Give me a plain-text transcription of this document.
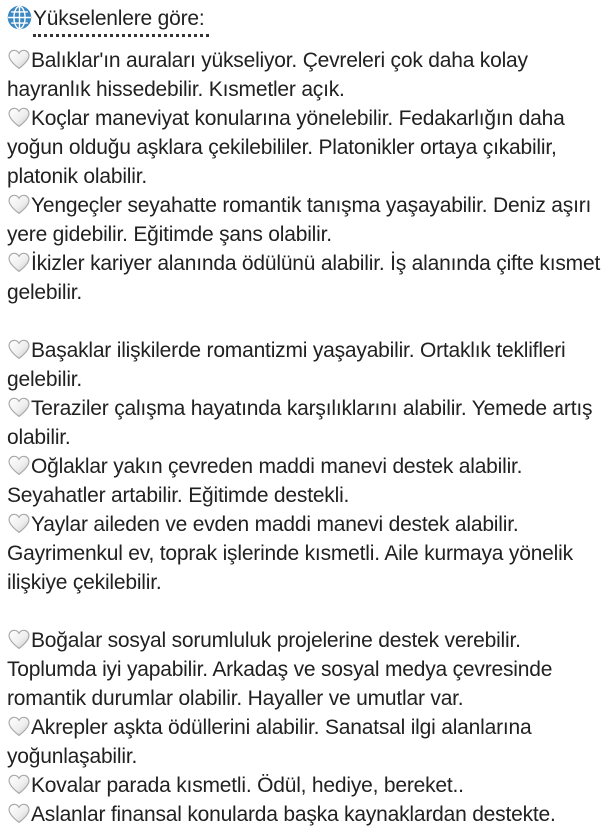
Yükselenlere göre:
Balıklar'ın auraları yükseliyor. Çevreleri çok daha kolay hayranlık hissedebilir. Kısmetler açık.
Koçlar maneviyat konularına yönelebilir. Fedakarlığın daha yoğun olduğu aşklara çekilebililer. Platonikler ortaya çıkabilir, platonik olabilir.
Yengeçler seyahatte romantik tanışma yaşayabilir. Deniz aşırı yere gidebilir. Eğitimde şans olabilir.
İkizler kariyer alanında ödülünü alabilir. İş alanında çifte kısmet gelebilir.
Başaklar ilişkilerde romantizmi yaşayabilir. Ortaklık teklifleri gelebilir.
Teraziler çalışma hayatında karşılıklarını alabilir. Yemede artış olabilir.
Oğlaklar yakın çevreden maddi manevi destek alabilir. Seyahatler artabilir. Eğitimde destekli.
Yaylar aileden ve evden maddi manevi destek alabilir. Gayrimenkul ev, toprak işlerinde kısmetli. Aile kurmaya yönelik ilişkiye çekilebilir.
Boğalar sosyal sorumluluk projelerine destek verebilir. Toplumda iyi yapabilir. Arkadaş ve sosyal medya çevresinde romantik durumlar olabilir. Hayaller ve umutlar var.
Akrepler aşkta ödüllerini alabilir. Sanatsal ilgi alanlarına yoğunlaşabilir.
Kovalar parada kısmetli. Ödül, hediye, bereket..
Aslanlar finansal konularda başka kaynaklardan destekte.
